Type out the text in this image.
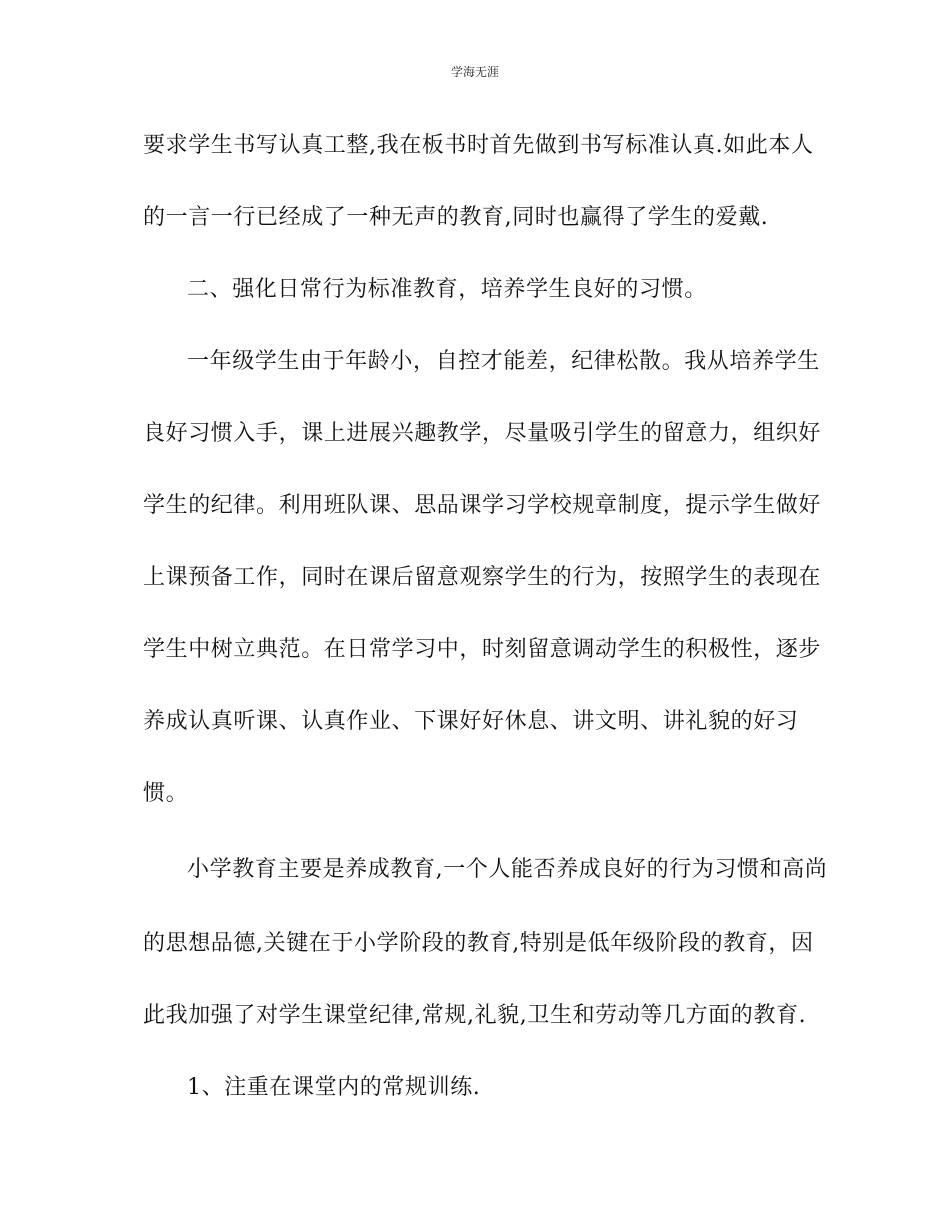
学海无涯
要求学生书写认真工整,我在板书时首先做到书写标准认真.如此本人
的一言一行已经成了一种无声的教育,同时也赢得了学生的爱戴.
二、强化日常行为标准教育，培养学生良好的习惯。
一年级学生由于年龄小，自控才能差，纪律松散。我从培养学生
良好习惯入手，课上进展兴趣教学，尽量吸引学生的留意力，组织好
学生的纪律。利用班队课、思品课学习学校规章制度，提示学生做好
上课预备工作，同时在课后留意观察学生的行为，按照学生的表现在
学生中树立典范。在日常学习中，时刻留意调动学生的积极性，逐步
养成认真听课、认真作业、下课好好休息、讲文明、讲礼貌的好习
惯。
小学教育主要是养成教育,一个人能否养成良好的行为习惯和高尚
的思想品德,关键在于小学阶段的教育,特别是低年级阶段的教育，因
此我加强了对学生课堂纪律,常规,礼貌,卫生和劳动等几方面的教育.
1、注重在课堂内的常规训练.
